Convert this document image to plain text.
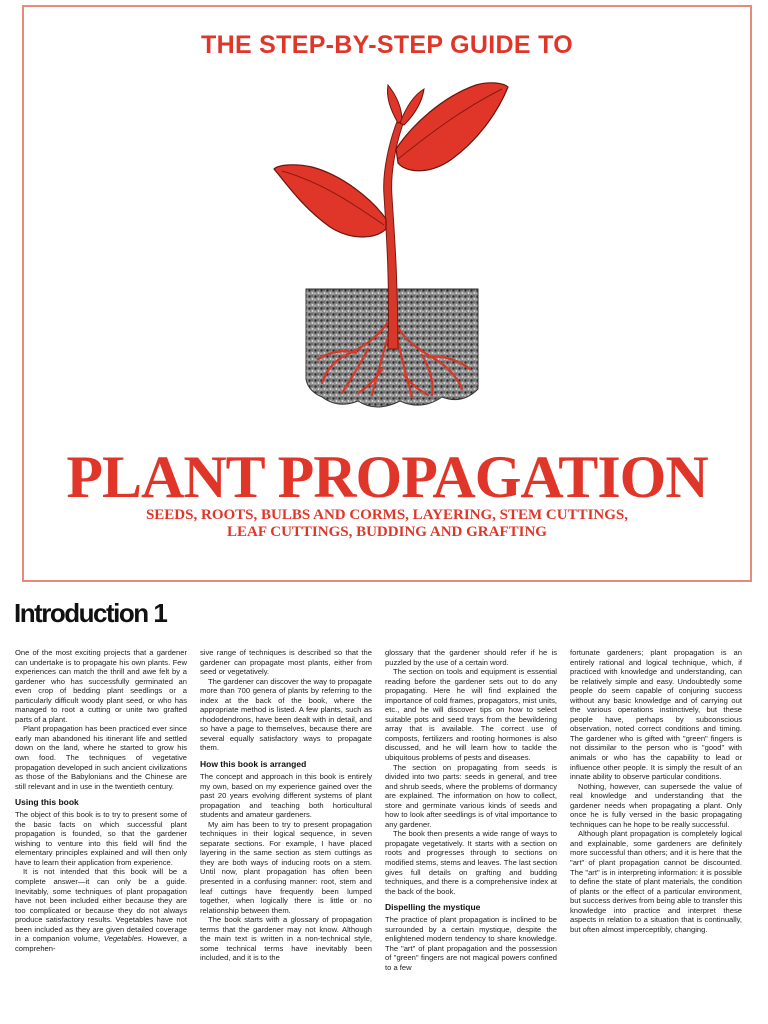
THE STEP-BY-STEP GUIDE TO
PLANT PROPAGATION
SEEDS, ROOTS, BULBS AND CORMS, LAYERING, STEM CUTTINGS,
LEAF CUTTINGS, BUDDING AND GRAFTING
Introduction 1

One of the most exciting projects that a gardener can undertake is to propagate his own plants. Few experiences can match the thrill and awe felt by a gardener who has successfully germinated an even crop of bedding plant seedlings or a particularly difficult woody plant seed, or who has managed to root a cutting or unite two grafted parts of a plant.

Plant propagation has been practiced ever since early man abandoned his itinerant life and settled down on the land, where he started to grow his own food. The techniques of vegetative propagation developed in such ancient civilizations as those of the Babylonians and the Chinese are still relevant and in use in the twentieth century.

Using this book

The object of this book is to try to present some of the basic facts on which successful plant propagation is founded, so that the gardener wishing to venture into this field will find the elementary principles explained and will then only have to learn their application from experience.

It is not intended that this book will be a complete answer—it can only be a guide. Inevitably, some techniques of plant propagation have not been included either because they are too complicated or because they do not always produce satisfactory results. Vegetables have not been included as they are given detailed coverage in a companion volume, Vegetables. However, a comprehen-

sive range of techniques is described so that the gardener can propagate most plants, either from seed or vegetatively.

The gardener can discover the way to propagate more than 700 genera of plants by referring to the index at the back of the book, where the appropriate method is listed. A few plants, such as rhododendrons, have been dealt with in detail, and so have a page to themselves, because there are several equally satisfactory ways to propagate them.

How this book is arranged

The concept and approach in this book is entirely my own, based on my experience gained over the past 20 years evolving different systems of plant propagation and teaching both horticultural students and amateur gardeners.

My aim has been to try to present propagation techniques in their logical sequence, in seven separate sections. For example, I have placed layering in the same section as stem cuttings as they are both ways of inducing roots on a stem. Until now, plant propagation has often been presented in a confusing manner: root, stem and leaf cuttings have frequently been lumped together, when logically there is little or no relationship between them.

The book starts with a glossary of propagation terms that the gardener may not know. Although the main text is written in a non-technical style, some technical terms have inevitably been included, and it is to the

glossary that the gardener should refer if he is puzzled by the use of a certain word.

The section on tools and equipment is essential reading before the gardener sets out to do any propagating. Here he will find explained the importance of cold frames, propagators, mist units, etc., and he will discover tips on how to select suitable pots and seed trays from the bewildering array that is available. The correct use of composts, fertilizers and rooting hormones is also discussed, and he will learn how to tackle the ubiquitous problems of pests and diseases.

The section on propagating from seeds is divided into two parts: seeds in general, and tree and shrub seeds, where the problems of dormancy are explained. The information on how to collect, store and germinate various kinds of seeds and how to look after seedlings is of vital importance to any gardener.

The book then presents a wide range of ways to propagate vegetatively. It starts with a section on roots and progresses through to sections on modified stems, stems and leaves. The last section gives full details on grafting and budding techniques, and there is a comprehensive index at the back of the book.

Dispelling the mystique

The practice of plant propagation is inclined to be surrounded by a certain mystique, despite the enlightened modern tendency to share knowledge. The "art" of plant propagation and the possession of "green" fingers are not magical powers confined to a few

fortunate gardeners; plant propagation is an entirely rational and logical technique, which, if practiced with knowledge and understanding, can be relatively simple and easy. Undoubtedly some people do seem capable of conjuring success without any basic knowledge and of carrying out the various operations instinctively, but these people have, perhaps by subconscious observation, noted correct conditions and timing. The gardener who is gifted with "green" fingers is not dissimilar to the person who is "good" with animals or who has the capability to lead or influence other people. It is simply the result of an innate ability to observe particular conditions.

Nothing, however, can supersede the value of real knowledge and understanding that the gardener needs when propagating a plant. Only once he is fully versed in the basic propagating techniques can he hope to be really successful.

Although plant propagation is completely logical and explainable, some gardeners are definitely more successful than others; and it is here that the "art" of plant propagation cannot be discounted. The "art" is in interpreting information: it is possible to define the state of plant materials, the condition of plants or the effect of a particular environment, but success derives from being able to transfer this knowledge into practice and interpret these aspects in relation to a situation that is continually, but often almost imperceptibly, changing.
